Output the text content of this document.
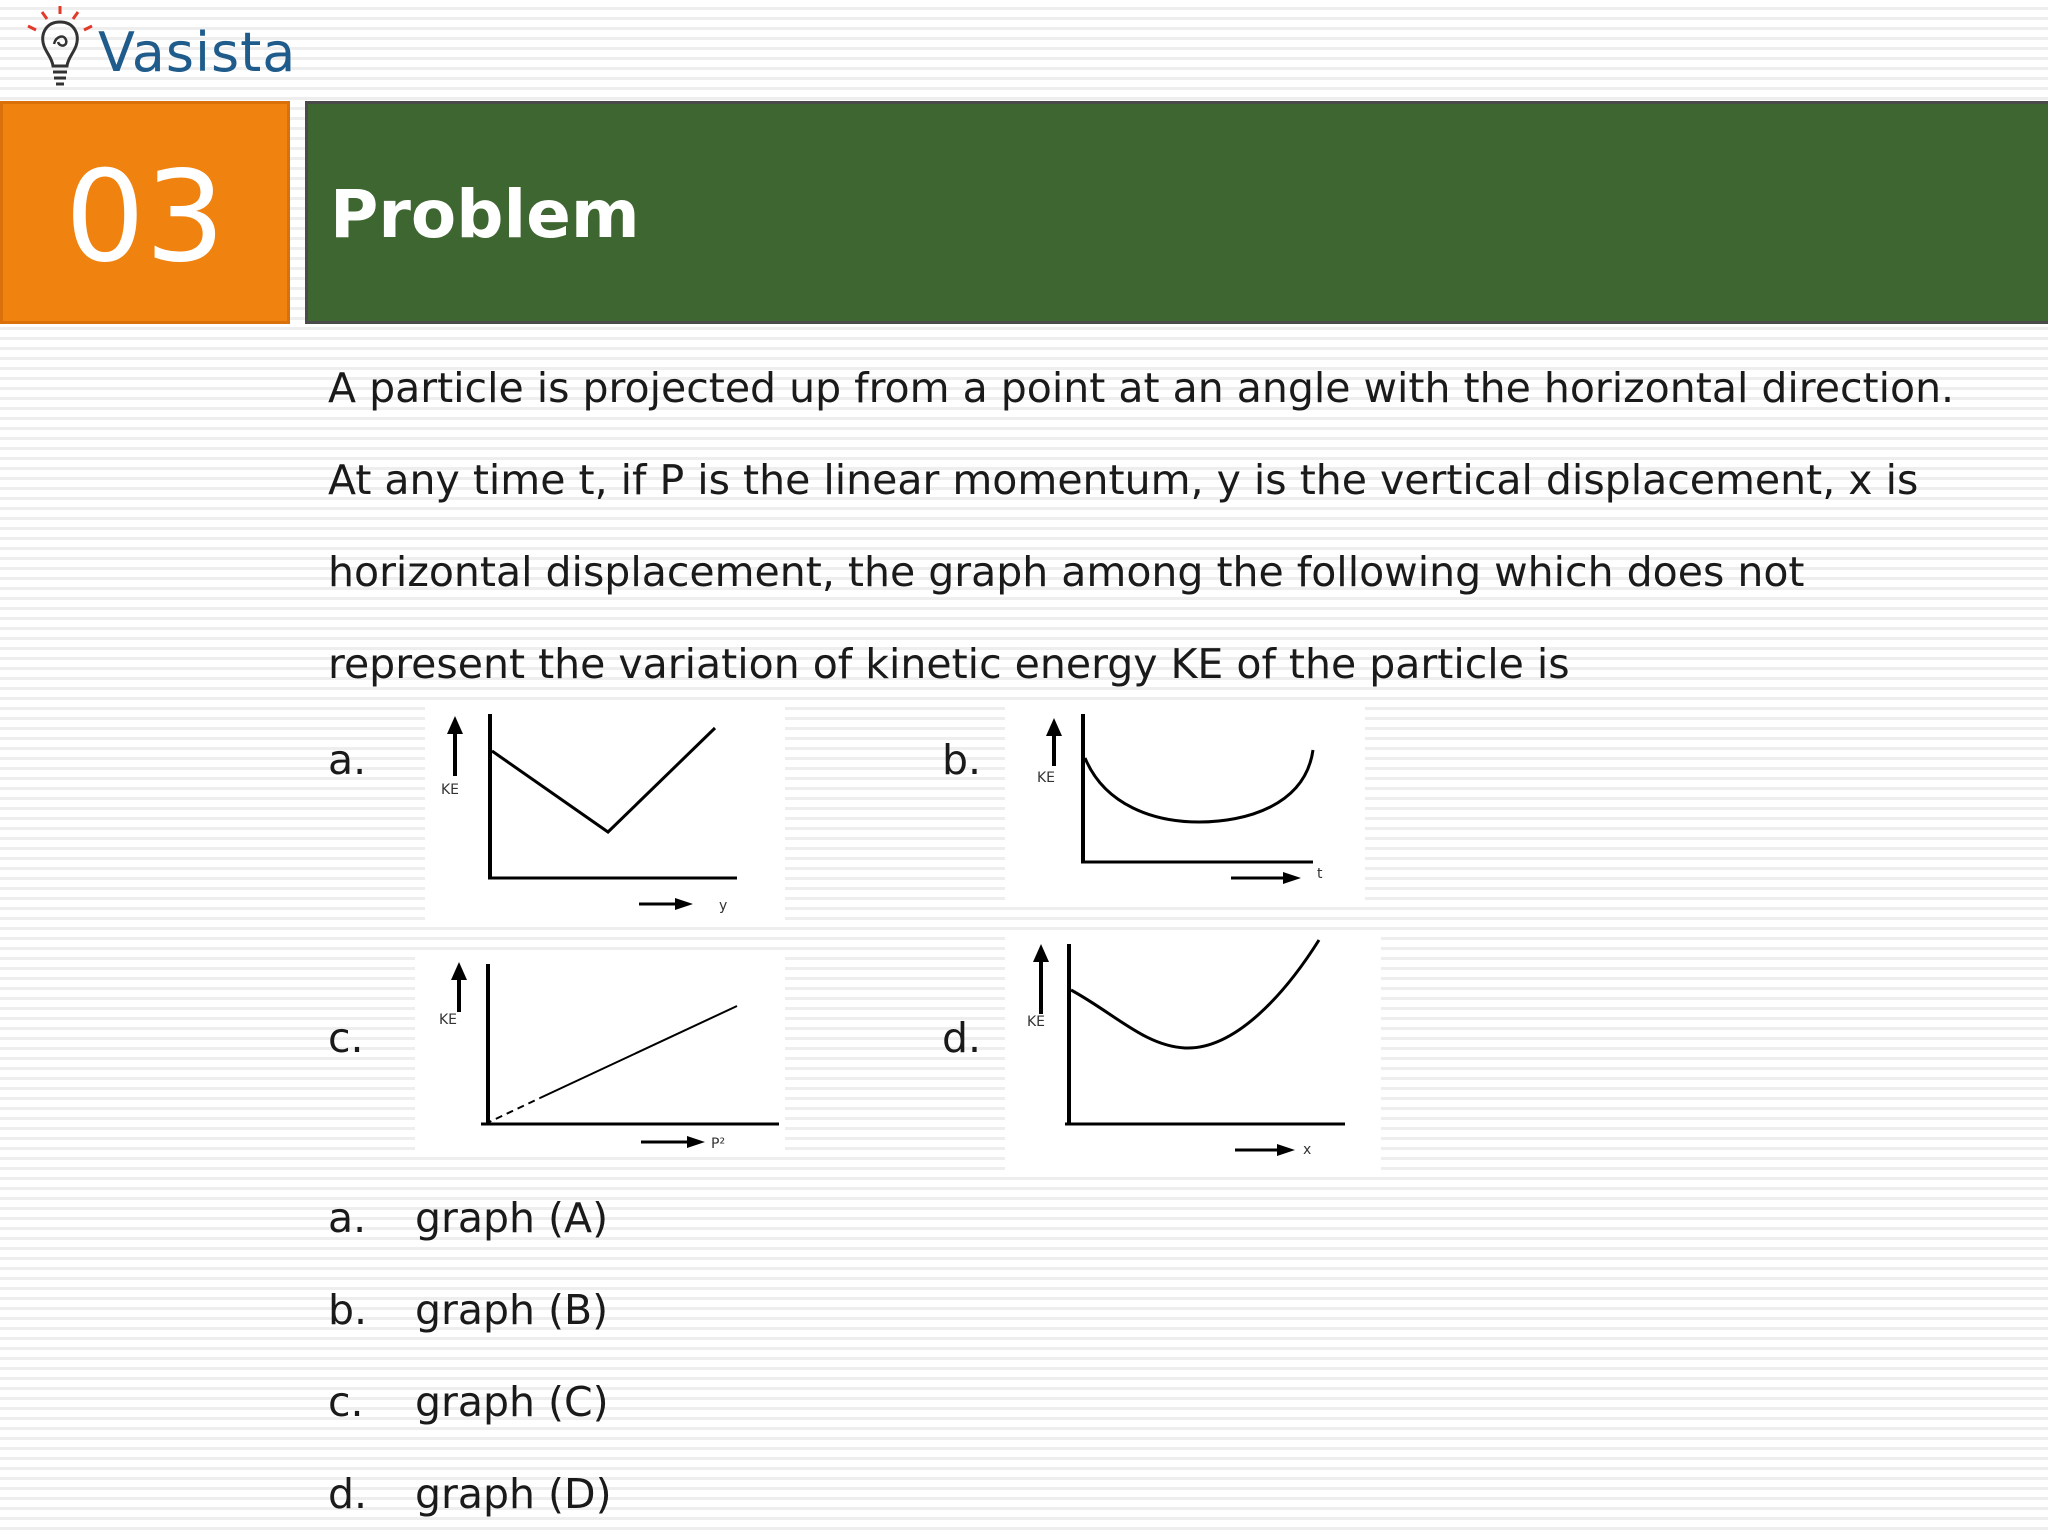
Vasista
03 Problem
A particle is projected up from a point at an angle with the horizontal direction.
At any time t, if P is the linear momentum, y is the vertical displacement, x is
horizontal displacement, the graph among the following which does not
represent the variation of kinetic energy KE of the particle is
a.	b.
c.	d.
KE
y
KE
t
KE
P²
KE
x
a. graph (A)
b. graph (B)
c. graph (C)
d. graph (D)
